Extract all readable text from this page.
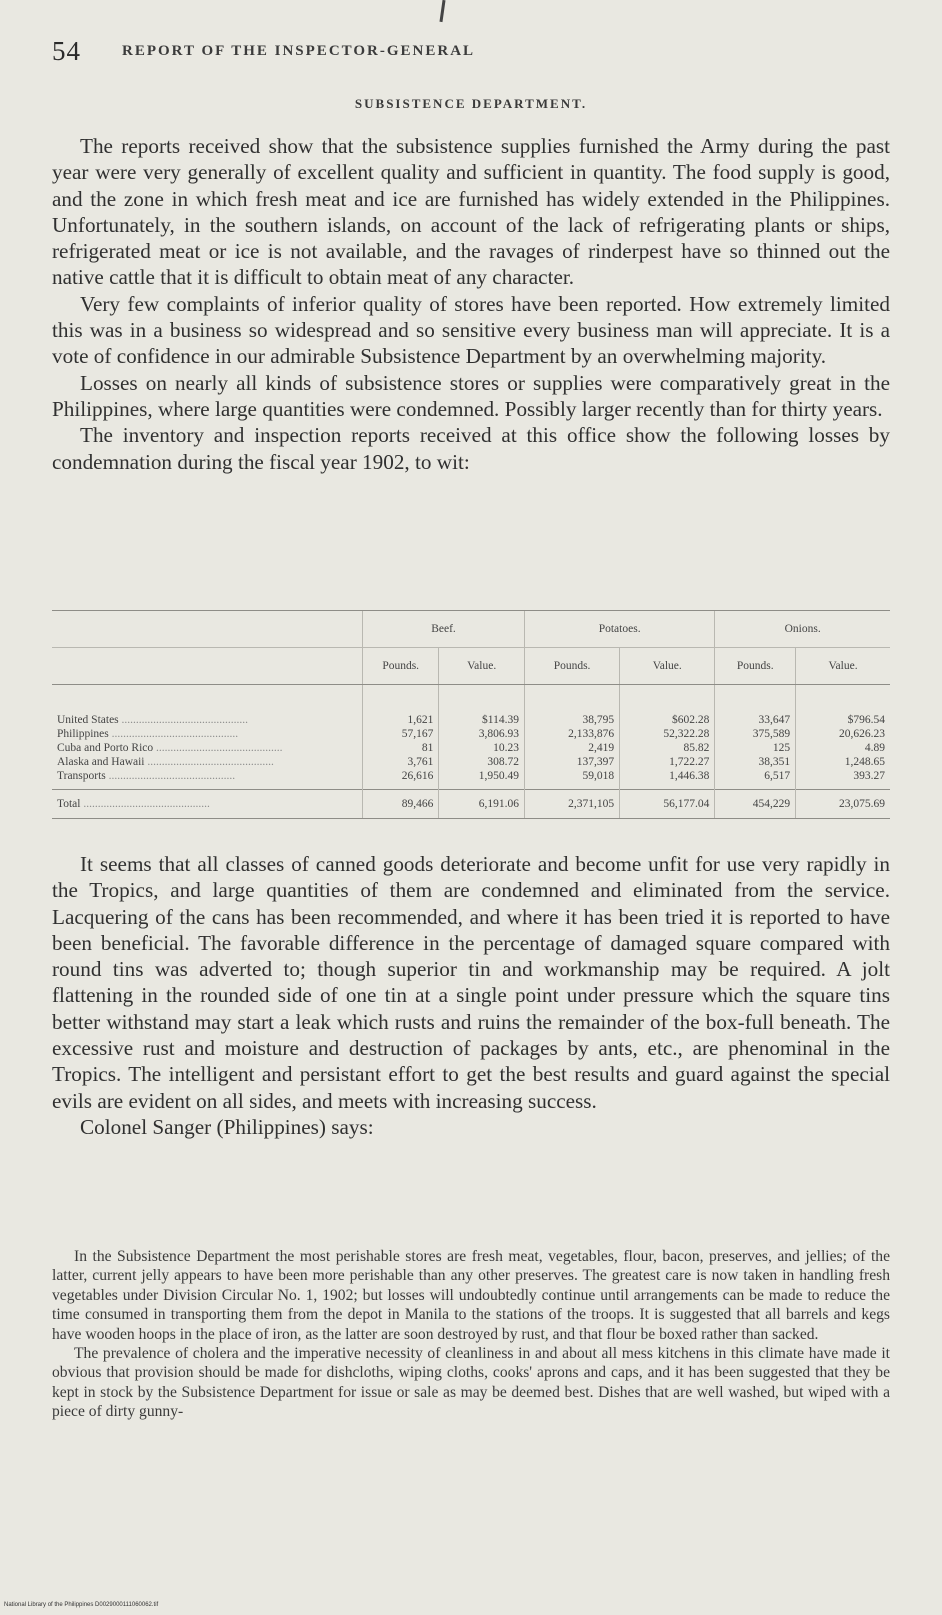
54	REPORT OF THE INSPECTOR-GENERAL
SUBSISTENCE DEPARTMENT.

The reports received show that the subsistence supplies furnished the Army during the past year were very generally of excellent quality and sufficient in quantity. The food supply is good, and the zone in which fresh meat and ice are furnished has widely extended in the Philippines. Unfortunately, in the southern islands, on account of the lack of refrigerating plants or ships, refrigerated meat or ice is not available, and the ravages of rinderpest have so thinned out the native cattle that it is difficult to obtain meat of any character.

Very few complaints of inferior quality of stores have been reported. How extremely limited this was in a business so widespread and so sensitive every business man will appreciate. It is a vote of confidence in our admirable Subsistence Department by an overwhelming majority.

Losses on nearly all kinds of subsistence stores or supplies were comparatively great in the Philippines, where large quantities were condemned. Possibly larger recently than for thirty years.

The inventory and inspection reports received at this office show the following losses by condemnation during the fiscal year 1902, to wit:

	Beef.		Potatoes.		Onions.	
	Pounds.	Value.	Pounds.	Value.	Pounds.	Value.

United States ............................................	1,621	$114.39	38,795	$602.28	33,647	$796.54
Philippines ............................................	57,167	3,806.93	2,133,876	52,322.28	375,589	20,626.23
Cuba and Porto Rico ............................................	81	10.23	2,419	85.82	125	4.89
Alaska and Hawaii ............................................	3,761	308.72	137,397	1,722.27	38,351	1,248.65
Transports ............................................	26,616	1,950.49	59,018	1,446.38	6,517	393.27
Total ............................................	89,466	6,191.06	2,371,105	56,177.04	454,229	23,075.69

It seems that all classes of canned goods deteriorate and become unfit for use very rapidly in the Tropics, and large quantities of them are condemned and eliminated from the service. Lacquering of the cans has been recommended, and where it has been tried it is reported to have been beneficial. The favorable difference in the percentage of damaged square compared with round tins was adverted to; though superior tin and workmanship may be required. A jolt flattening in the rounded side of one tin at a single point under pressure which the square tins better withstand may start a leak which rusts and ruins the remainder of the box-full beneath. The excessive rust and moisture and destruction of packages by ants, etc., are phenominal in the Tropics. The intelligent and persistant effort to get the best results and guard against the special evils are evident on all sides, and meets with increasing success.

Colonel Sanger (Philippines) says:

In the Subsistence Department the most perishable stores are fresh meat, vegetables, flour, bacon, preserves, and jellies; of the latter, current jelly appears to have been more perishable than any other preserves. The greatest care is now taken in handling fresh vegetables under Division Circular No. 1, 1902; but losses will undoubtedly continue until arrangements can be made to reduce the time consumed in transporting them from the depot in Manila to the stations of the troops. It is suggested that all barrels and kegs have wooden hoops in the place of iron, as the latter are soon destroyed by rust, and that flour be boxed rather than sacked.

The prevalence of cholera and the imperative necessity of cleanliness in and about all mess kitchens in this climate have made it obvious that provision should be made for dishcloths, wiping cloths, cooks' aprons and caps, and it has been suggested that they be kept in stock by the Subsistence Department for issue or sale as may be deemed best. Dishes that are well washed, but wiped with a piece of dirty gunny-

National Library of the Philippines D0029000111060062.tif
